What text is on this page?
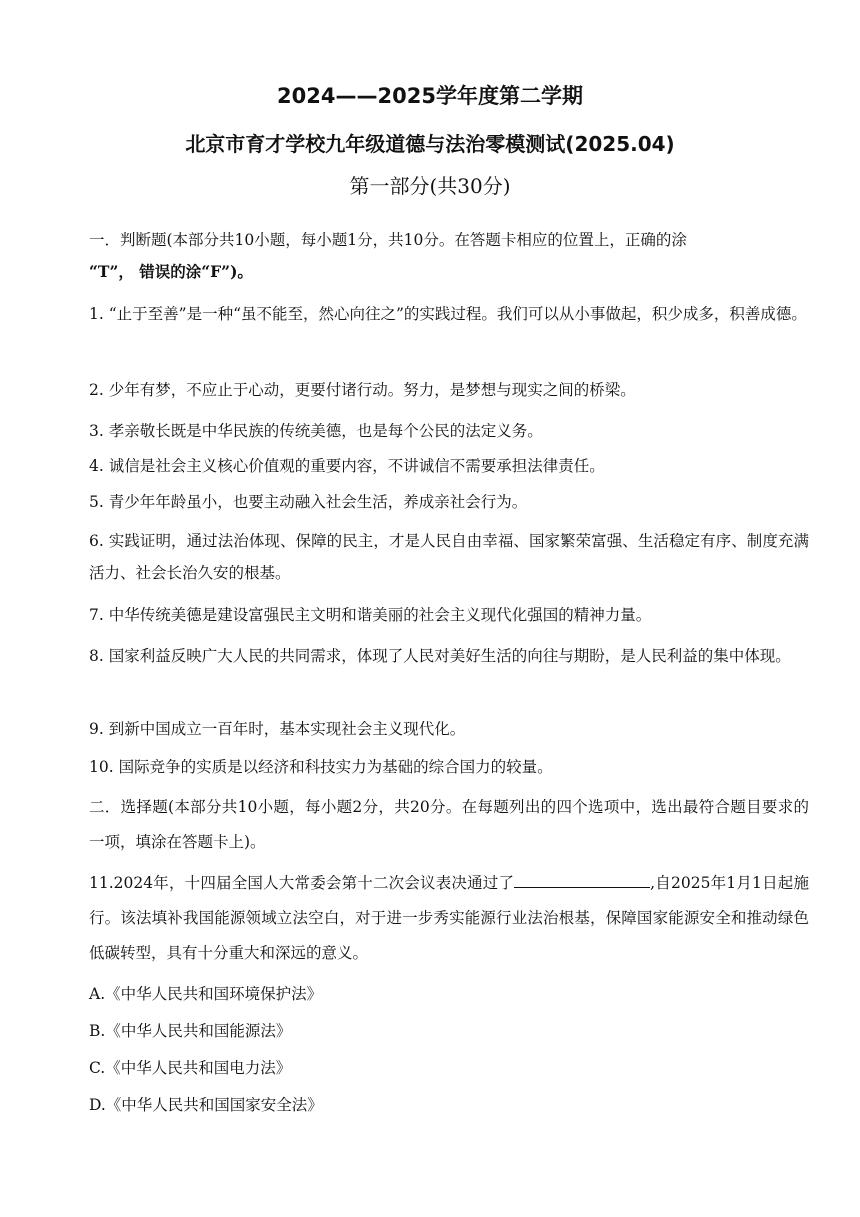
2024——2025学年度第二学期
北京市育才学校九年级道德与法治零模测试(2025.04)
第一部分(共30分)
一．判断题(本部分共10小题，每小题1分，共10分。在答题卡相应的位置上，正确的涂
“T”， 错误的涂“F”)。
1. “止于至善”是一种“虽不能至，然心向往之”的实践过程。我们可以从小事做起，积少成多，积善成德。
2. 少年有梦，不应止于心动，更要付诸行动。努力，是梦想与现实之间的桥梁。
3. 孝亲敬长既是中华民族的传统美德，也是每个公民的法定义务。
4. 诚信是社会主义核心价值观的重要内容，不讲诚信不需要承担法律责任。
5. 青少年年龄虽小，也要主动融入社会生活，养成亲社会行为。
6. 实践证明，通过法治体现、保障的民主，才是人民自由幸福、国家繁荣富强、生活稳定有序、制度充满活力、社会长治久安的根基。
7. 中华传统美德是建设富强民主文明和谐美丽的社会主义现代化强国的精神力量。
8. 国家利益反映广大人民的共同需求，体现了人民对美好生活的向往与期盼，是人民利益的集中体现。
9. 到新中国成立一百年时，基本实现社会主义现代化。
10. 国际竞争的实质是以经济和科技实力为基础的综合国力的较量。
二．选择题(本部分共10小题，每小题2分，共20分。在每题列出的四个选项中，选出最符合题目要求的一项，填涂在答题卡上)。
11.2024年，十四届全国人大常委会第十二次会议表决通过了	,自2025年1月1日起施行。该法填补我国能源领域立法空白，对于进一步秀实能源行业法治根基，保障国家能源安全和推动绿色低碳转型，具有十分重大和深远的意义。
A.《中华人民共和国环境保护法》
B.《中华人民共和国能源法》
C.《中华人民共和国电力法》
D.《中华人民共和国国家安全法》
